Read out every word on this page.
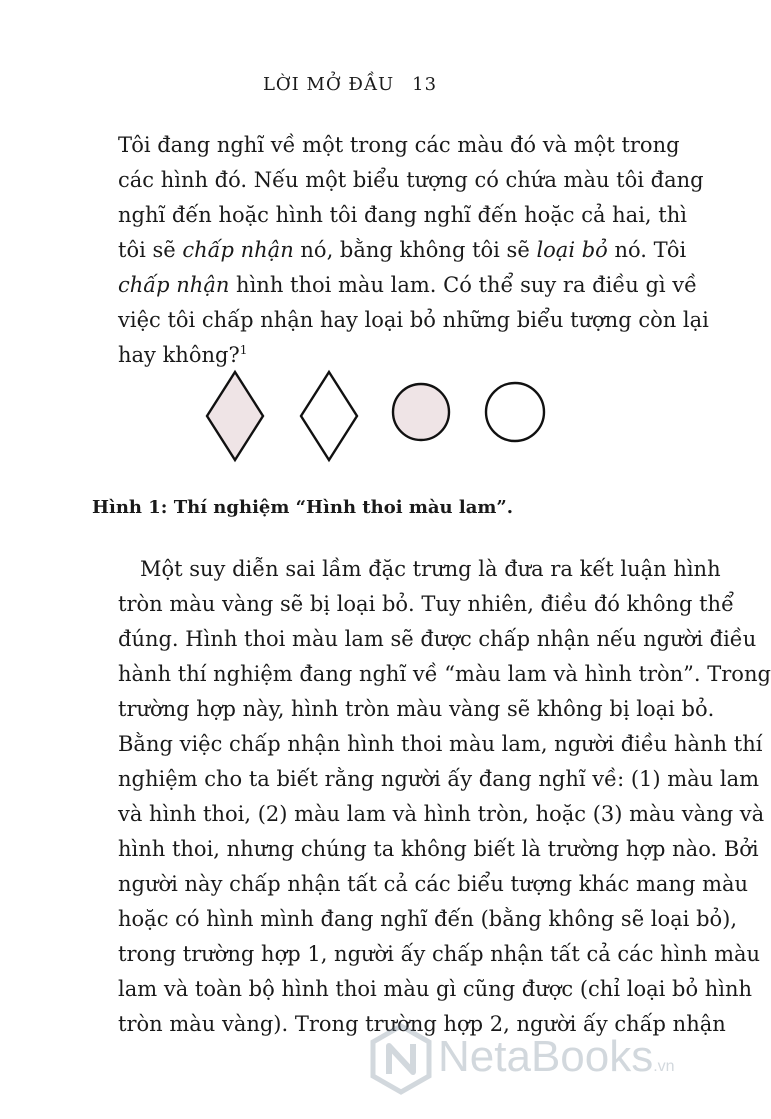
LỜI MỞ ĐẦU 13
Tôi đang nghĩ về một trong các màu đó và một trong
các hình đó. Nếu một biểu tượng có chứa màu tôi đang
nghĩ đến hoặc hình tôi đang nghĩ đến hoặc cả hai, thì
tôi sẽ chấp nhận nó, bằng không tôi sẽ loại bỏ nó. Tôi
chấp nhận hình thoi màu lam. Có thể suy ra điều gì về
việc tôi chấp nhận hay loại bỏ những biểu tượng còn lại
hay không?$^1$
Hình 1: Thí nghiệm “Hình thoi màu lam”.
Một suy diễn sai lầm đặc trưng là đưa ra kết luận hình
tròn màu vàng sẽ bị loại bỏ. Tuy nhiên, điều đó không thể
đúng. Hình thoi màu lam sẽ được chấp nhận nếu người điều
hành thí nghiệm đang nghĩ về “màu lam và hình tròn”. Trong
trường hợp này, hình tròn màu vàng sẽ không bị loại bỏ.
Bằng việc chấp nhận hình thoi màu lam, người điều hành thí
nghiệm cho ta biết rằng người ấy đang nghĩ về: (1) màu lam
và hình thoi, (2) màu lam và hình tròn, hoặc (3) màu vàng và
hình thoi, nhưng chúng ta không biết là trường hợp nào. Bởi
người này chấp nhận tất cả các biểu tượng khác mang màu
hoặc có hình mình đang nghĩ đến (bằng không sẽ loại bỏ),
trong trường hợp 1, người ấy chấp nhận tất cả các hình màu
lam và toàn bộ hình thoi màu gì cũng được (chỉ loại bỏ hình
tròn màu vàng). Trong trường hợp 2, người ấy chấp nhận
NetaBooks.vn
